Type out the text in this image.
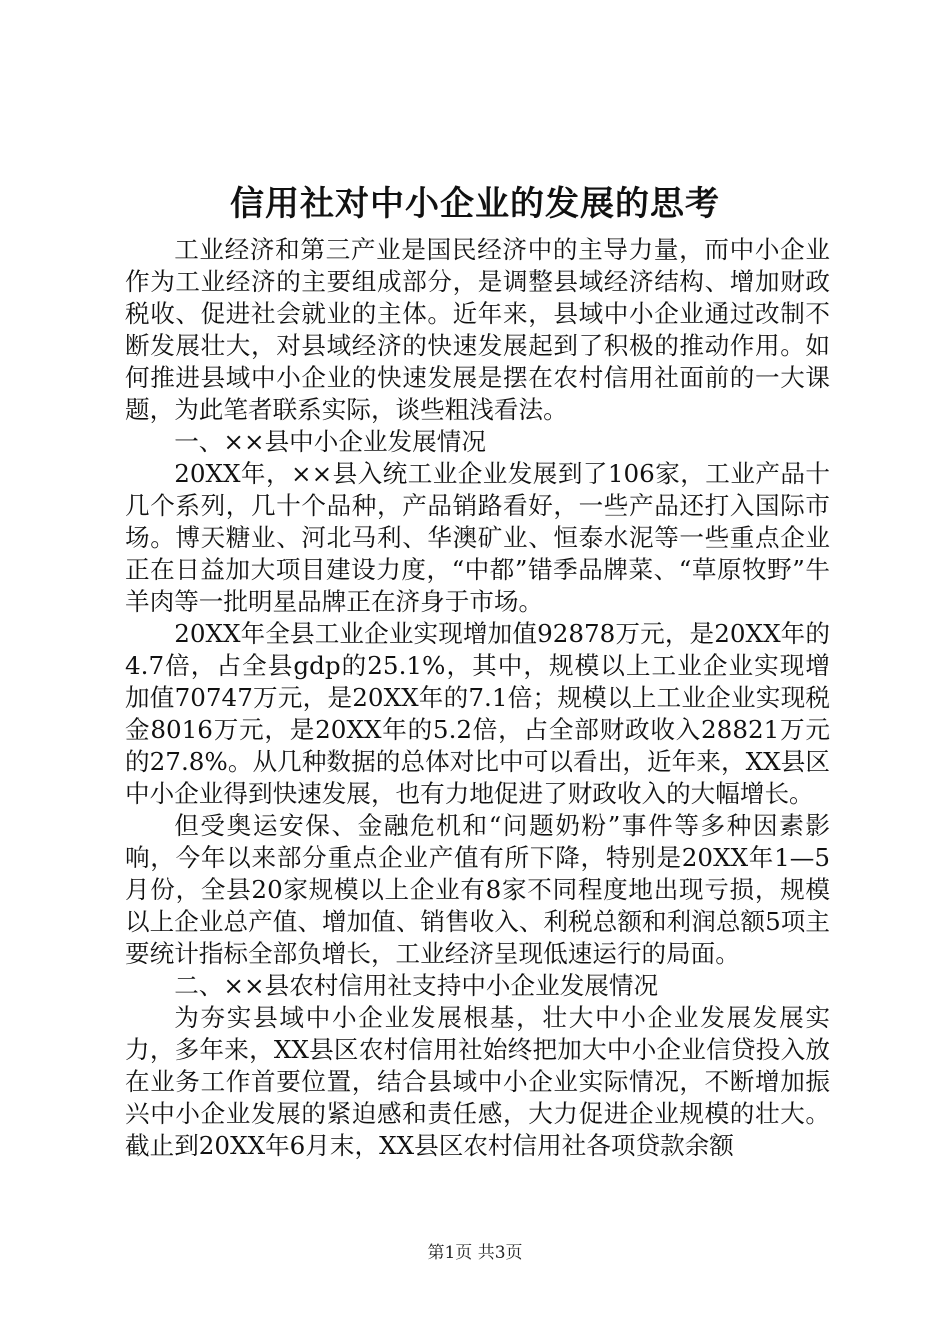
信用社对中小企业的发展的思考

工业经济和第三产业是国民经济中的主导力量，而中小企业作为工业经济的主要组成部分，是调整县域经济结构、增加财政税收、促进社会就业的主体。近年来，县域中小企业通过改制不断发展壮大，对县域经济的快速发展起到了积极的推动作用。如何推进县域中小企业的快速发展是摆在农村信用社面前的一大课题，为此笔者联系实际，谈些粗浅看法。

一、××县中小企业发展情况

20XX年，××县入统工业企业发展到了106家，工业产品十几个系列，几十个品种，产品销路看好，一些产品还打入国际市场。博天糖业、河北马利、华澳矿业、恒泰水泥等一些重点企业正在日益加大项目建设力度，“中都”错季品牌菜、“草原牧野”牛羊肉等一批明星品牌正在济身于市场。

20XX年全县工业企业实现增加值92878万元，是20XX年的4.7倍，占全县gdp的25.1%，其中，规模以上工业企业实现增加值70747万元，是20XX年的7.1倍；规模以上工业企业实现税金8016万元，是20XX年的5.2倍，占全部财政收入28821万元的27.8%。从几种数据的总体对比中可以看出，近年来，XX县区中小企业得到快速发展，也有力地促进了财政收入的大幅增长。

但受奥运安保、金融危机和“问题奶粉”事件等多种因素影响，今年以来部分重点企业产值有所下降，特别是20XX年1—5月份，全县20家规模以上企业有8家不同程度地出现亏损，规模以上企业总产值、增加值、销售收入、利税总额和利润总额5项主要统计指标全部负增长，工业经济呈现低速运行的局面。

二、××县农村信用社支持中小企业发展情况

为夯实县域中小企业发展根基，壮大中小企业发展发展实力，多年来，XX县区农村信用社始终把加大中小企业信贷投入放在业务工作首要位置，结合县域中小企业实际情况，不断增加振兴中小企业发展的紧迫感和责任感，大力促进企业规模的壮大。截止到20XX年6月末，XX县区农村信用社各项贷款余额

第1页 共3页
